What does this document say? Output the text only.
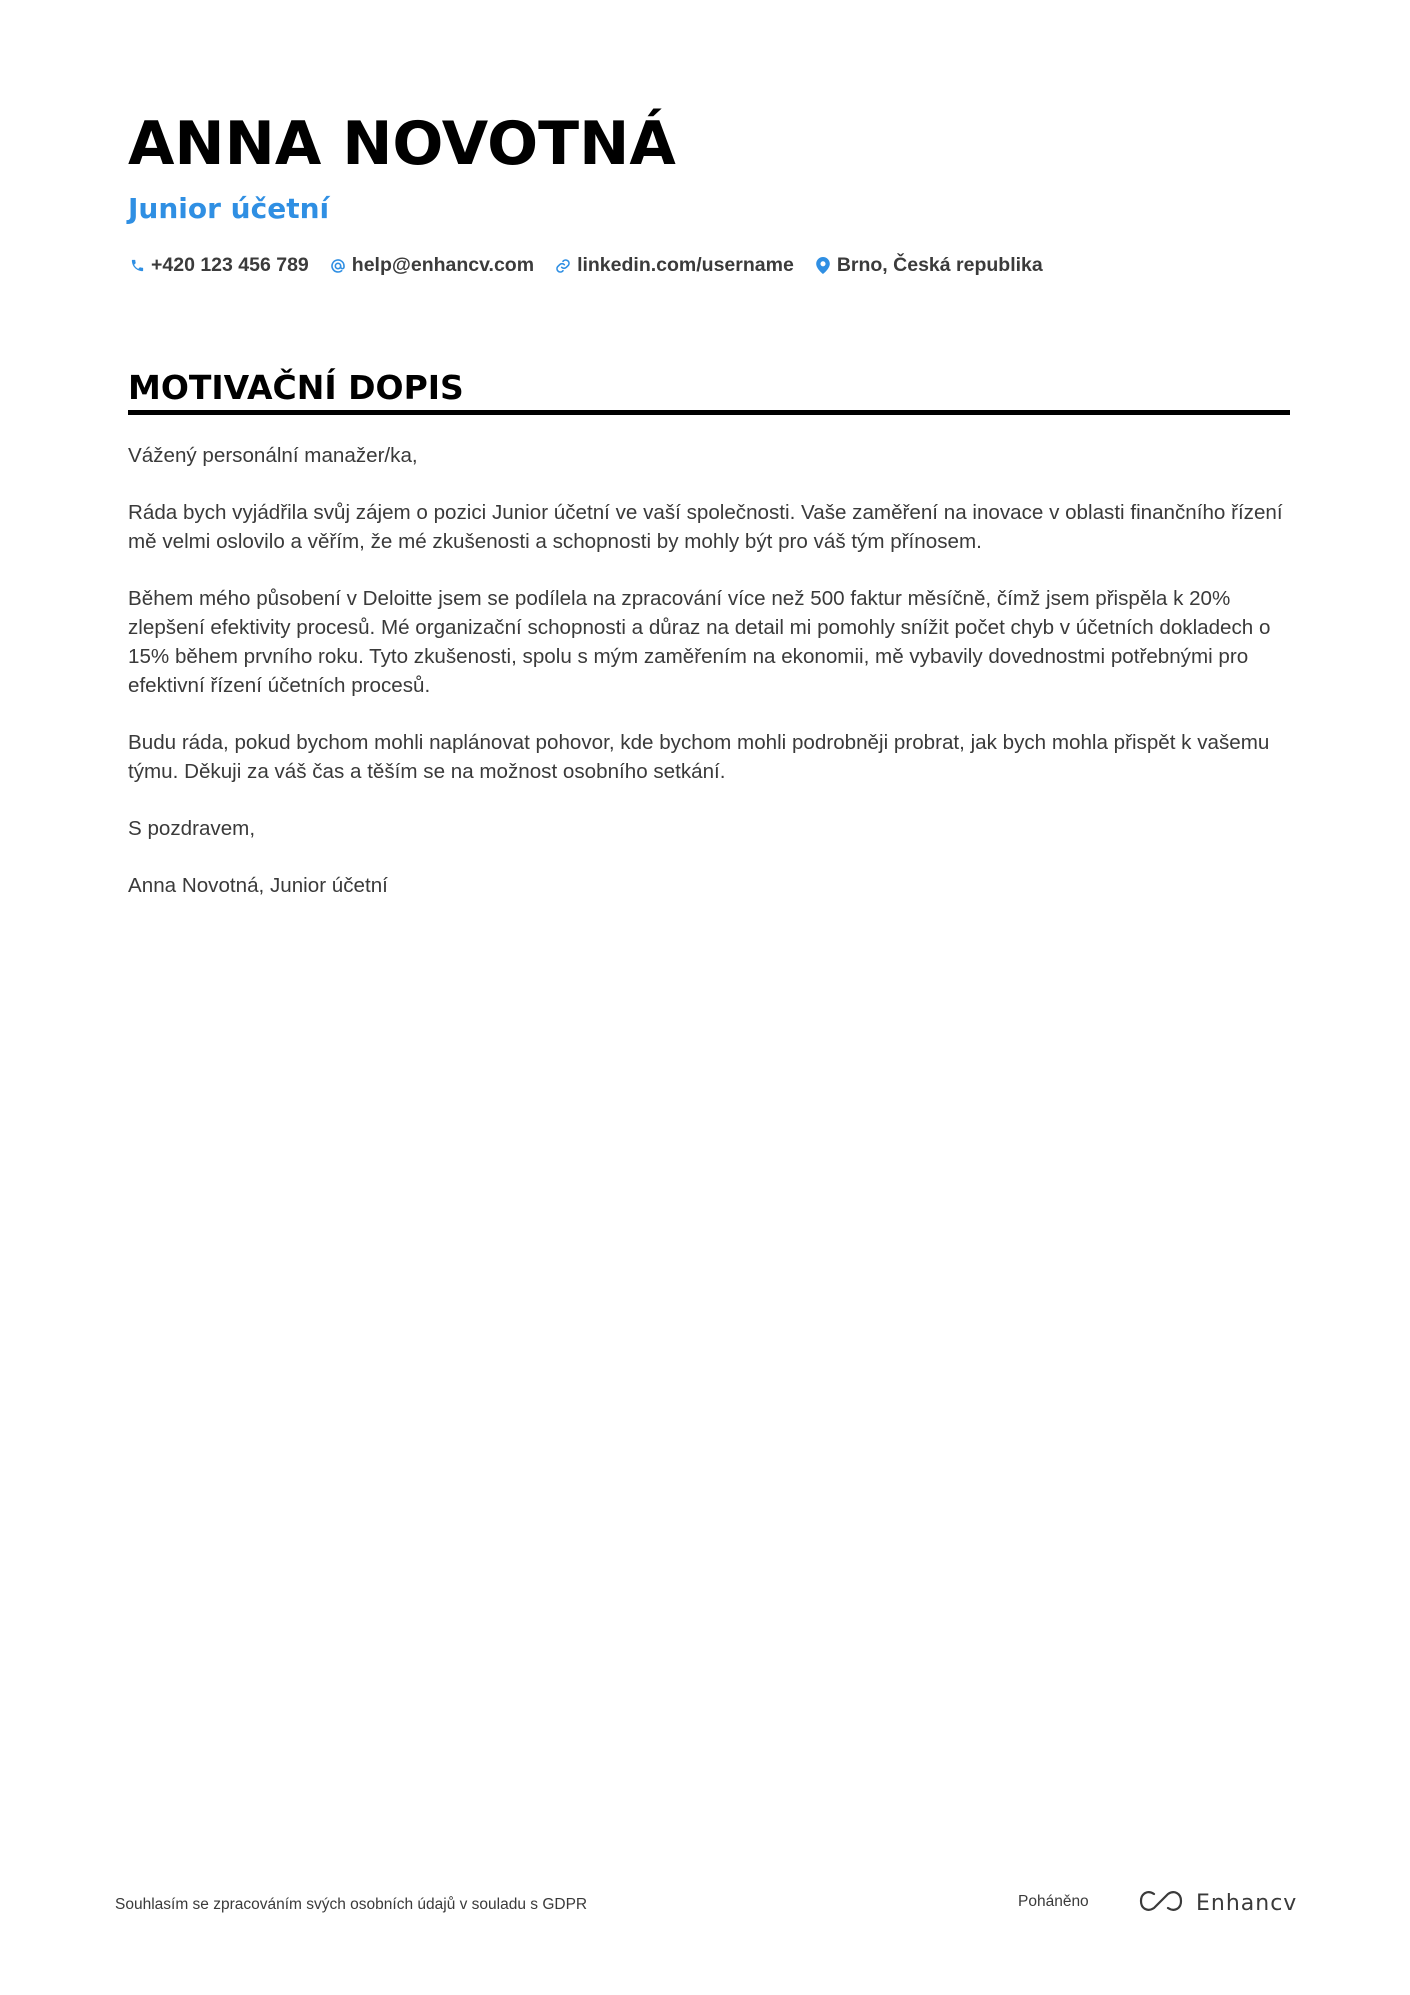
ANNA NOVOTNÁ
Junior účetní
+420 123 456 789 help@enhancv.com linkedin.com/username Brno, Česká republika
MOTIVAČNÍ DOPIS

Vážený personální manažer/ka,

Ráda bych vyjádřila svůj zájem o pozici Junior účetní ve vaší společnosti. Vaše zaměření na inovace v oblasti finančního řízení mě velmi oslovilo a věřím, že mé zkušenosti a schopnosti by mohly být pro váš tým přínosem.

Během mého působení v Deloitte jsem se podílela na zpracování více než 500 faktur měsíčně, čímž jsem přispěla k 20% zlepšení efektivity procesů. Mé organizační schopnosti a důraz na detail mi pomohly snížit počet chyb v účetních dokladech o 15% během prvního roku. Tyto zkušenosti, spolu s mým zaměřením na ekonomii, mě vybavily dovednostmi potřebnými pro efektivní řízení účetních procesů.

Budu ráda, pokud bychom mohli naplánovat pohovor, kde bychom mohli podrobněji probrat, jak bych mohla přispět k vašemu týmu. Děkuji za váš čas a těším se na možnost osobního setkání.

S pozdravem,

Anna Novotná, Junior účetní

Souhlasím se zpracováním svých osobních údajů v souladu s GDPR	Poháněno	Enhancv
